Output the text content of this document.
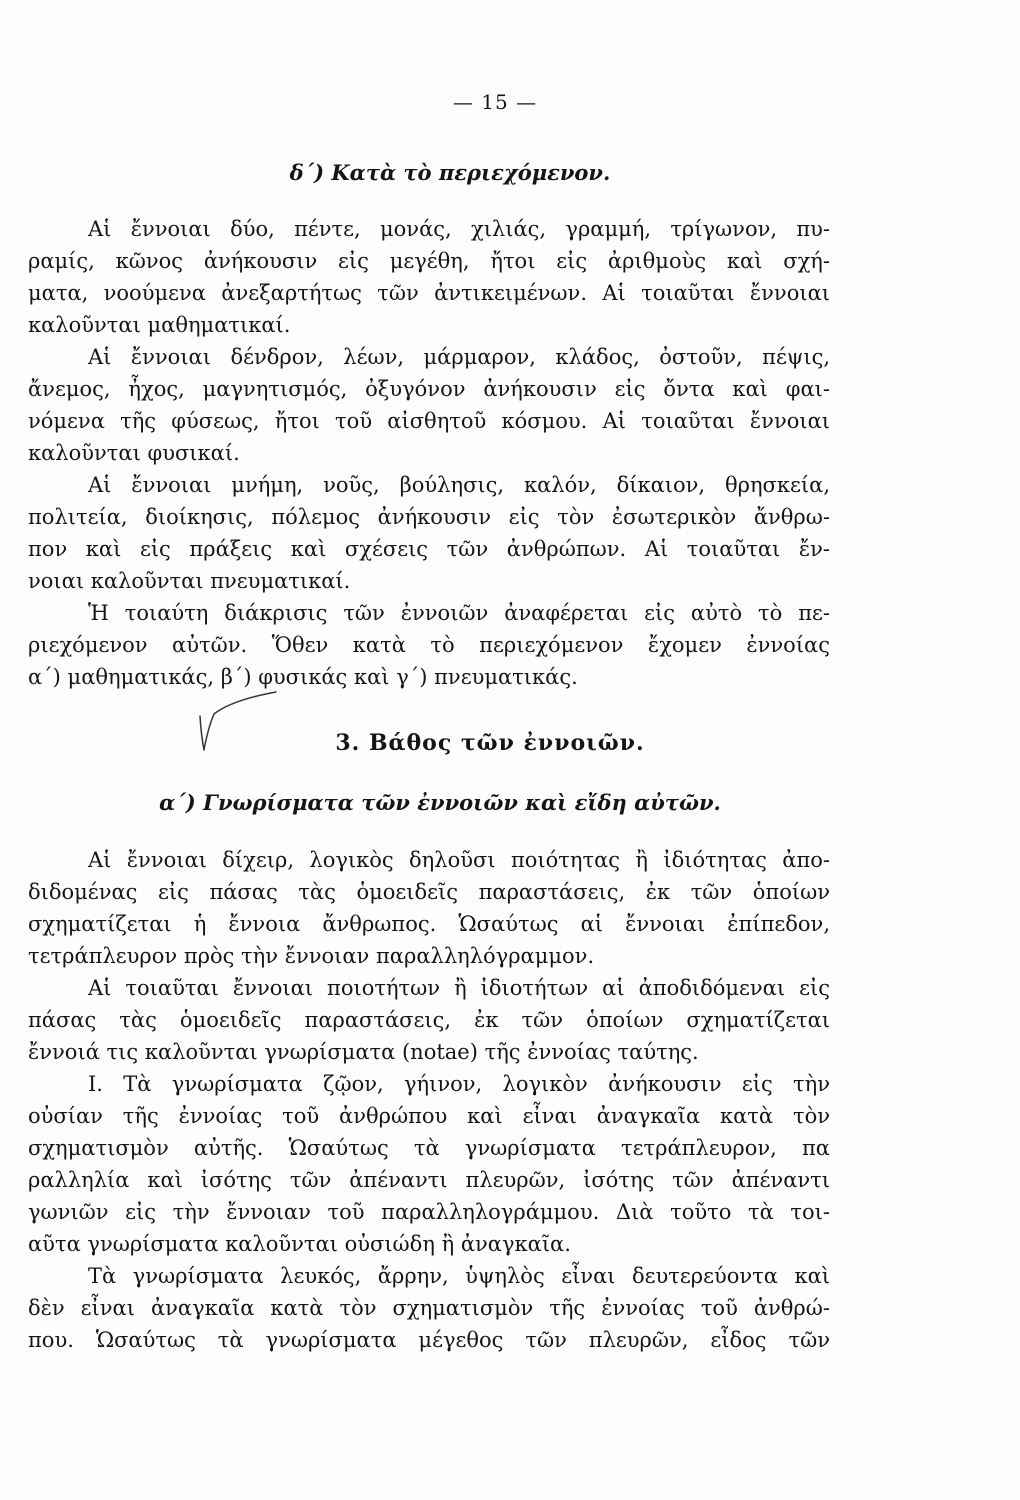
— 15 —
δ΄) Κατὰ τὸ περιεχόμενον.
Αἱ ἔννοιαι δύο, πέντε, μονάς, χιλιάς, γραμμή, τρίγωνον, πυ-
ραμίς, κῶνος ἀνήκουσιν εἰς μεγέθη, ἤτοι εἰς ἀριθμοὺς καὶ σχή-
ματα, νοούμενα ἀνεξαρτήτως τῶν ἀντικειμένων. Αἱ τοιαῦται ἔννοιαι
καλοῦνται μαθηματικαί.
Αἱ ἔννοιαι δένδρον, λέων, μάρμαρον, κλάδος, ὀστοῦν, πέψις,
ἄνεμος, ἦχος, μαγνητισμός, ὀξυγόνον ἀνήκουσιν εἰς ὄντα καὶ φαι-
νόμενα τῆς φύσεως, ἤτοι τοῦ αἰσθητοῦ κόσμου. Αἱ τοιαῦται ἔννοιαι
καλοῦνται φυσικαί.
Αἱ ἔννοιαι μνήμη, νοῦς, βούλησις, καλόν, δίκαιον, θρησκεία,
πολιτεία, διοίκησις, πόλεμος ἀνήκουσιν εἰς τὸν ἐσωτερικὸν ἄνθρω-
πον καὶ εἰς πράξεις καὶ σχέσεις τῶν ἀνθρώπων. Αἱ τοιαῦται ἔν-
νοιαι καλοῦνται πνευματικαί.
Ἡ τοιαύτη διάκρισις τῶν ἐννοιῶν ἀναφέρεται εἰς αὐτὸ τὸ πε-
ριεχόμενον αὐτῶν. Ὅθεν κατὰ τὸ περιεχόμενον ἔχομεν ἐννοίας
α΄) μαθηματικάς, β΄) φυσικάς καὶ γ΄) πνευματικάς.
3. Βάθος τῶν ἐννοιῶν.
α΄) Γνωρίσματα τῶν ἐννοιῶν καὶ εἴδη αὐτῶν.
Αἱ ἔννοιαι δίχειρ, λογικὸς δηλοῦσι ποιότητας ἢ ἰδιότητας ἀπο-
διδομένας εἰς πάσας τὰς ὁμοειδεῖς παραστάσεις, ἐκ τῶν ὁποίων
σχηματίζεται ἡ ἔννοια ἄνθρωπος. Ὡσαύτως αἱ ἔννοιαι ἐπίπεδον,
τετράπλευρον πρὸς τὴν ἔννοιαν παραλληλόγραμμον.
Αἱ τοιαῦται ἔννοιαι ποιοτήτων ἢ ἰδιοτήτων αἱ ἀποδιδόμεναι εἰς
πάσας τὰς ὁμοειδεῖς παραστάσεις, ἐκ τῶν ὁποίων σχηματίζεται
ἔννοιά τις καλοῦνται γνωρίσματα (notae) τῆς ἐννοίας ταύτης.
I. Τὰ γνωρίσματα ζῷον, γήινον, λογικὸν ἀνήκουσιν εἰς τὴν
οὐσίαν τῆς ἐννοίας τοῦ ἀνθρώπου καὶ εἶναι ἀναγκαῖα κατὰ τὸν
σχηματισμὸν αὐτῆς. Ὡσαύτως τὰ γνωρίσματα τετράπλευρον, πα
ραλληλία καὶ ἰσότης τῶν ἀπέναντι πλευρῶν, ἰσότης τῶν ἀπέναντι
γωνιῶν εἰς τὴν ἔννοιαν τοῦ παραλληλογράμμου. Διὰ τοῦτο τὰ τοι-
αῦτα γνωρίσματα καλοῦνται οὐσιώδη ἢ ἀναγκαῖα.
Τὰ γνωρίσματα λευκός, ἄρρην, ὑψηλὸς εἶναι δευτερεύοντα καὶ
δὲν εἶναι ἀναγκαῖα κατὰ τὸν σχηματισμὸν τῆς ἐννοίας τοῦ ἀνθρώ-
που. Ὡσαύτως τὰ γνωρίσματα μέγεθος τῶν πλευρῶν, εἶδος τῶν
